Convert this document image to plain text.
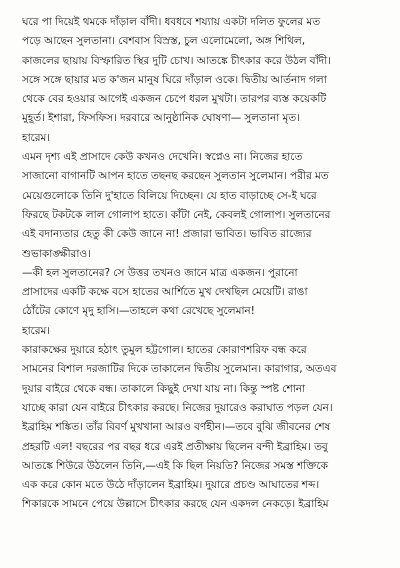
ঘরে পা দিয়েই থমকে দাঁড়াল বাঁদী। ধবধবে শয্যায় একটা দলিত ফুলের মত
পড়ে আছেন সুলতানা। বেশবাস বিস্রস্ত, চুল এলোমেলো, অঙ্গ শিথিল,
কাজলের ছায়ায় বিস্ফারিত স্থির দুটি চোখ। আতঙ্কে চীৎকার করে উঠল বাঁদী।
সঙ্গে সঙ্গে ছায়ার মত ক'জন মানুষ ঘিরে দাঁড়াল ওকে। দ্বিতীয় আর্তনাদ গলা
থেকে বের হওয়ার আগেই একজন চেপে ধরল মুখটা। তারপর ব্যস্ত কয়েকটি
মুহূর্ত। ইশারা, ফিসফিস। দরবারে আনুষ্ঠানিক ঘোষণা— সুলতানা মৃত।
হারেম।
এমন দৃশ্য এই প্রাসাদে কেউ কখনও দেখেনি। স্বপ্নেও না। নিজের হাতে
সাজানো বাগানটি আপন হাতে তছনছ করছেন সুলতান সুলেমান। পরীর মত
মেয়েগুলোকে তিনি দু'হাতে বিলিয়ে দিচ্ছেন। যে হাত বাড়াচ্ছে সে-ই ঘরে
ফিরছে টকটকে লাল গোলাপ হাতে। কাঁটা নেই, কেবলই গোলাপ। সুলতানের
এই বদান্যতার হেতু কী কেউ জানে না! প্রজারা ভাবিত। ভাবিত রাজ্যের
শুভাকাঙ্ক্ষীরাও।
—কী হল সুলতানের? সে উত্তর তখনও জানে মাত্র একজন। পুরানো
প্রাসাদের একটি কক্ষে বসে হাতের আর্শিতে মুখ দেখছিল মেয়েটি। রাঙা
ঠোঁটের কোণে মৃদু হাসি।—তাহলে কথা রেখেছে সুলেমান!
হারেম।
কারাকক্ষের দুয়ারে হঠাৎ তুমুল হট্টগোল। হাতের কোরাণশরিফ বন্ধ করে
সামনের বিশাল দরজাটির দিকে তাকালেন দ্বিতীয় সুলেমান। কারাগার, অতএব
দুয়ার বাইরে থেকে বন্ধ। তাকালে কিছুই দেখা যায় না। কিন্তু স্পষ্ট শোনা
যাচ্ছে কারা যেন বাইরে চীৎকার করছে। নিজের দুয়ারেও করাঘাত পড়ল যেন।
ইব্রাহিম শঙ্কিত। তাঁর বিবর্ণ মুখখানা আরও বর্ণহীন।—তবে বুঝি জীবনের শেষ
প্রহরটি এল! বছরের পর বছর ধরে এরই প্রতীক্ষায় ছিলেন বন্দী ইব্রাহিম। তবু
আতঙ্কে শিউরে উঠলেন তিনি,—এই কি ছিল নিয়তি? নিজের সমস্ত শক্তিকে
এক করে কোন মতে উঠে দাঁড়ালেন ইব্রাহিম। দুয়ারে প্রচণ্ড আঘাতের শব্দ।
শিকারকে সামনে পেয়ে উল্লাসে চীৎকার করছে যেন একদল নেকড়ে। ইব্রাহিম
